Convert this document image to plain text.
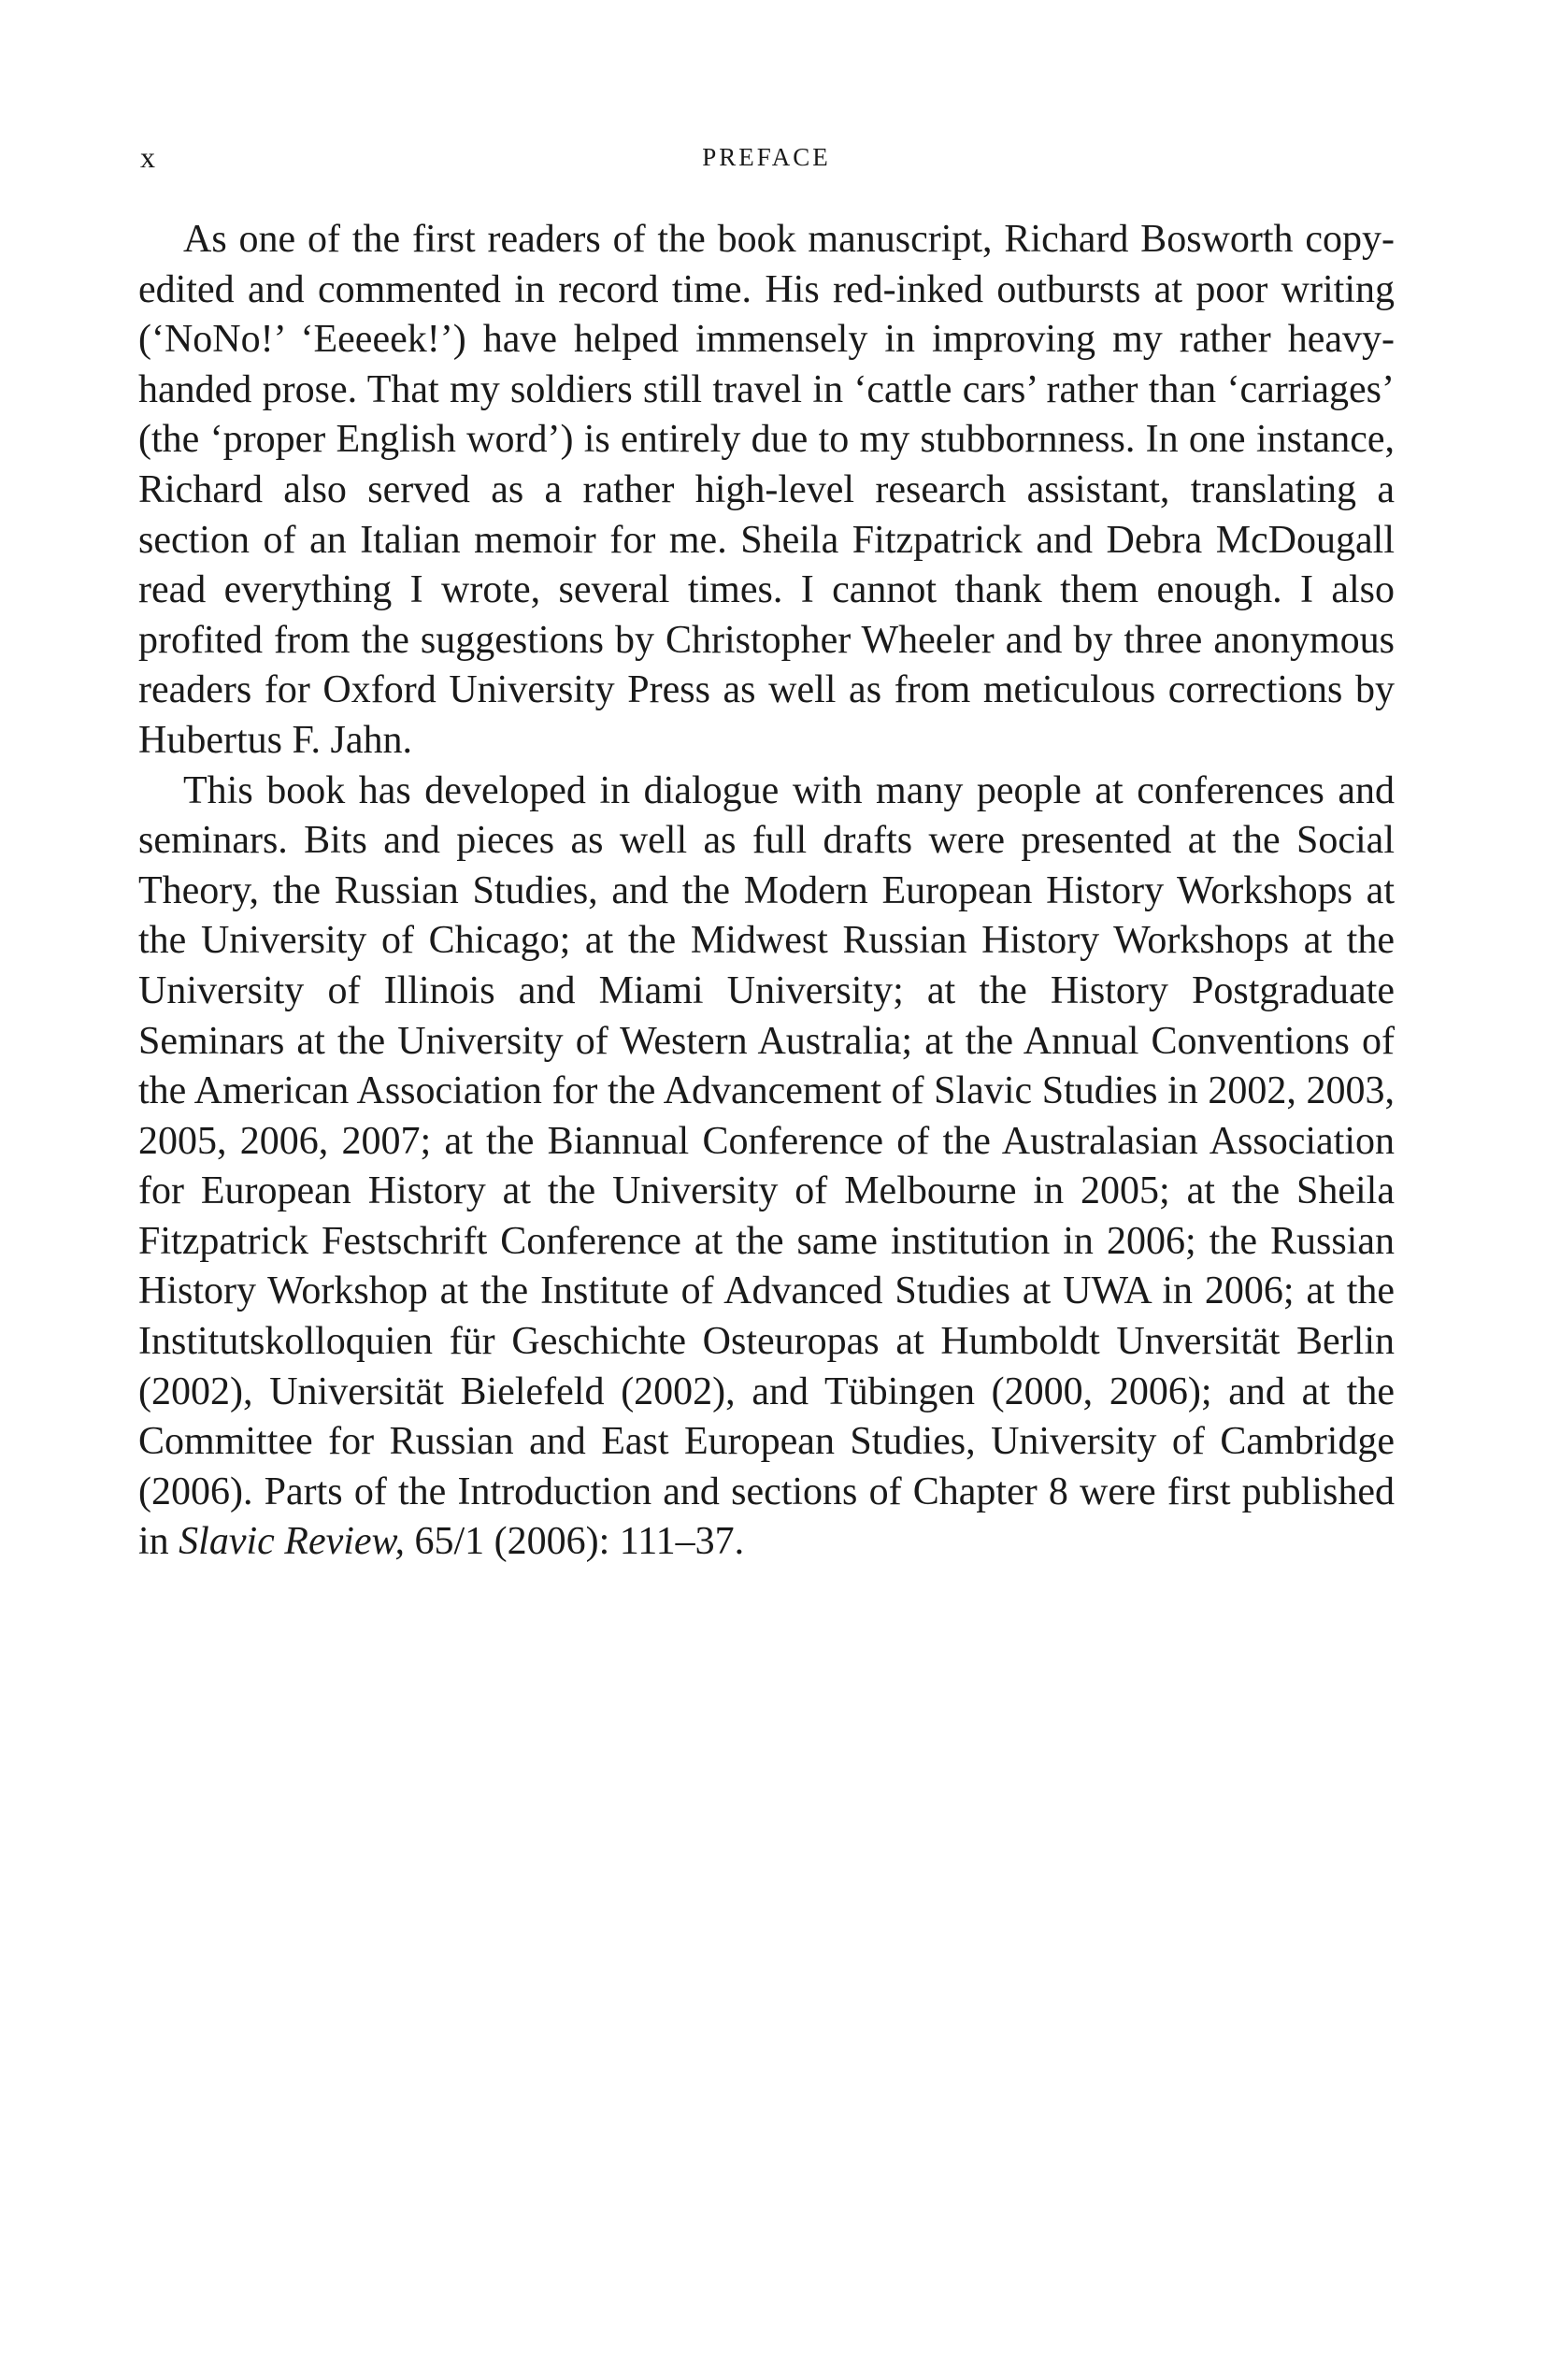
x	PREFACE

As one of the first readers of the book manuscript, Richard Bosworth copy-edited and commented in record time. His red-inked outbursts at poor writing (‘NoNo!’ ‘Eeeeek!’) have helped immensely in improving my rather heavy-handed prose. That my soldiers still travel in ‘cattle cars’ rather than ‘carriages’ (the ‘proper English word’) is entirely due to my stubbornness. In one instance, Richard also served as a rather high-level research assistant, translating a section of an Italian memoir for me. Sheila Fitzpatrick and Debra McDougall read everything I wrote, several times. I cannot thank them enough. I also profited from the suggestions by Christopher Wheeler and by three anonymous readers for Oxford University Press as well as from meticulous corrections by Hubertus F. Jahn.

This book has developed in dialogue with many people at conferences and seminars. Bits and pieces as well as full drafts were presented at the Social Theory, the Russian Studies, and the Modern European History Workshops at the University of Chicago; at the Midwest Russian History Workshops at the University of Illinois and Miami University; at the History Postgraduate Seminars at the University of Western Australia; at the Annual Conventions of the American Association for the Advancement of Slavic Studies in 2002, 2003, 2005, 2006, 2007; at the Biannual Conference of the Australasian Association for European History at the University of Melbourne in 2005; at the Sheila Fitzpatrick Festschrift Conference at the same institution in 2006; the Russian History Workshop at the Institute of Advanced Studies at UWA in 2006; at the Institutskolloquien für Geschichte Osteuropas at Humboldt Unversität Berlin (2002), Universität Bielefeld (2002), and Tübingen (2000, 2006); and at the Committee for Russian and East European Studies, University of Cambridge (2006). Parts of the Introduction and sections of Chapter 8 were first published in Slavic Review, 65/1 (2006): 111–37.
